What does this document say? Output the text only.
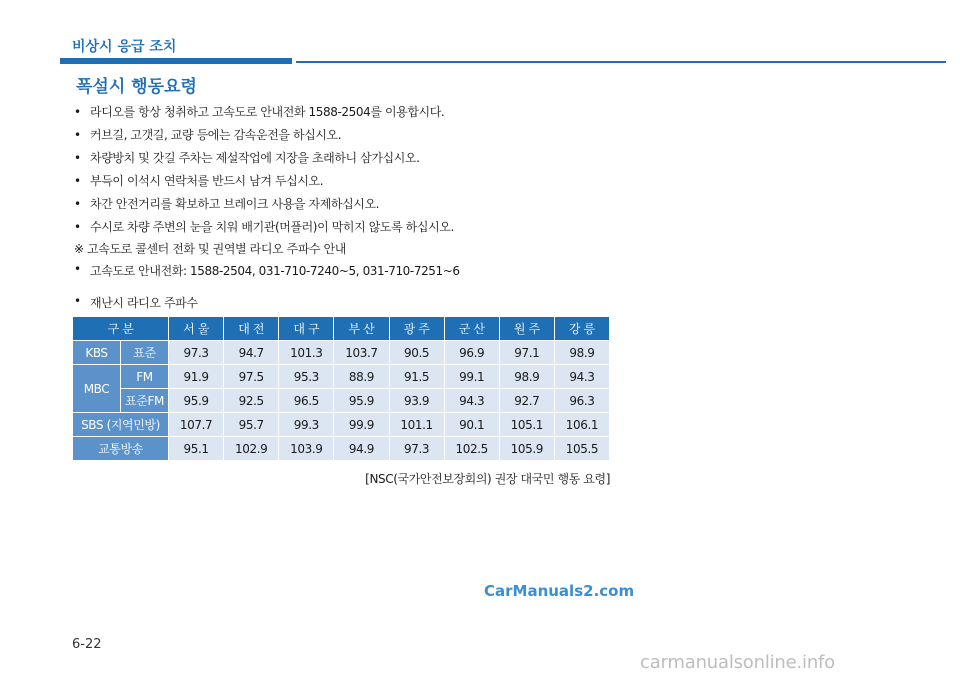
비상시 응급 조치
폭설시 행동요령
• 라디오를 항상 청취하고 고속도로 안내전화 1588-2504를 이용합시다.
• 커브길, 고갯길, 교량 등에는 감속운전을 하십시오.
• 차량방치 및 갓길 주차는 제설작업에 지장을 초래하니 삼가십시오.
• 부득이 이석시 연락처를 반드시 남겨 두십시오.
• 차간 안전거리를 확보하고 브레이크 사용을 자제하십시오.
• 수시로 차량 주변의 눈을 치워 배기관(머플러)이 막히지 않도록 하십시오.
※ 고속도로 콜센터 전화 및 권역별 라디오 주파수 안내
• 고속도로 안내전화: 1588-2504, 031-710-7240~5, 031-710-7251~6
• 재난시 라디오 주파수
구 분		서 울	대 전	대 구	부 산	광 주	군 산	원 주	강 릉
KBS	표준	97.3	94.7	101.3	103.7	90.5	96.9	97.1	98.9
MBC	FM	91.9	97.5	95.3	88.9	91.5	99.1	98.9	94.3
	표준FM	95.9	92.5	96.5	95.9	93.9	94.3	92.7	96.3
SBS (지역민방)		107.7	95.7	99.3	99.9	101.1	90.1	105.1	106.1
교통방송		95.1	102.9	103.9	94.9	97.3	102.5	105.9	105.5
[NSC(국가안전보장회의) 권장 대국민 행동 요령]
CarManuals2.com
6-22
carmanualsonline.info
